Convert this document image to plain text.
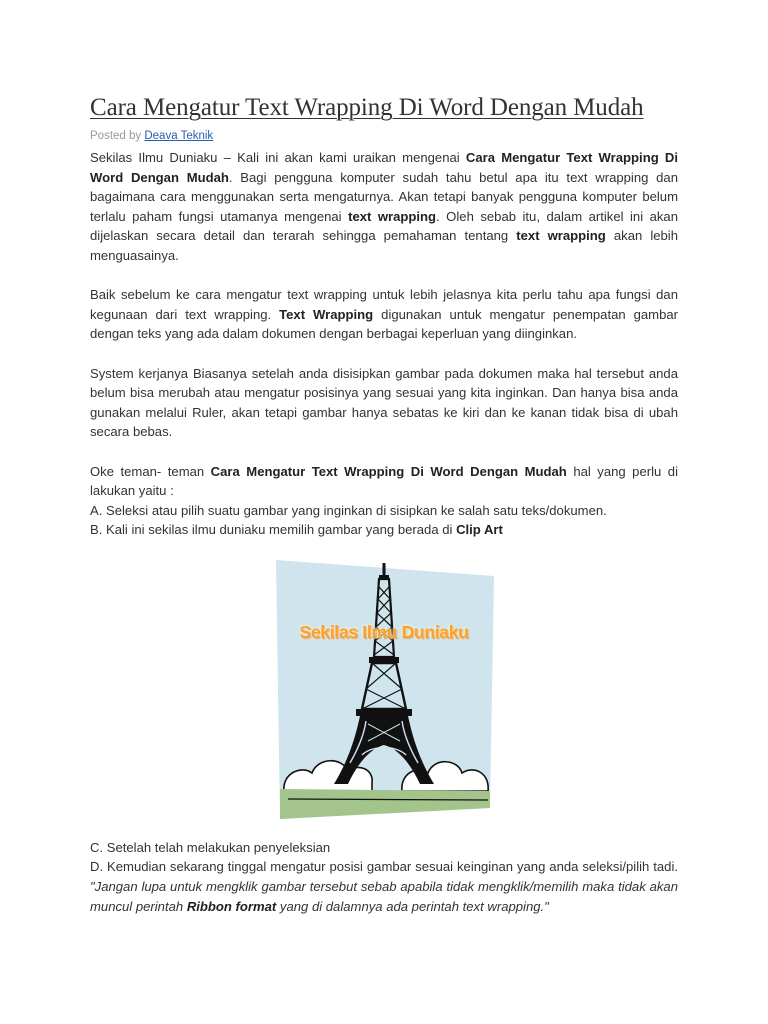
Cara Mengatur Text Wrapping Di Word Dengan Mudah
Posted by Deava Teknik

Sekilas Ilmu Duniaku – Kali ini akan kami uraikan mengenai Cara Mengatur Text Wrapping Di Word Dengan Mudah. Bagi pengguna komputer sudah tahu betul apa itu text wrapping dan bagaimana cara menggunakan serta mengaturnya. Akan tetapi banyak pengguna komputer belum terlalu paham fungsi utamanya mengenai text wrapping. Oleh sebab itu, dalam artikel ini akan dijelaskan secara detail dan terarah sehingga pemahaman tentang text wrapping akan lebih menguasainya.

Baik sebelum ke cara mengatur text wrapping untuk lebih jelasnya kita perlu tahu apa fungsi dan kegunaan dari text wrapping. Text Wrapping digunakan untuk mengatur penempatan gambar dengan teks yang ada dalam dokumen dengan berbagai keperluan yang diinginkan.

System kerjanya Biasanya setelah anda disisipkan gambar pada dokumen maka hal tersebut anda belum bisa merubah atau mengatur posisinya yang sesuai yang kita inginkan. Dan hanya bisa anda gunakan melalui Ruler, akan tetapi gambar hanya sebatas ke kiri dan ke kanan tidak bisa di ubah secara bebas.

Oke teman- teman Cara Mengatur Text Wrapping Di Word Dengan Mudah hal yang perlu di lakukan yaitu :

A. Seleksi atau pilih suatu gambar yang inginkan di sisipkan ke salah satu teks/dokumen.

B. Kali ini sekilas ilmu duniaku memilih gambar yang berada di Clip Art

Sekilas Ilmu Duniaku

C. Setelah telah melakukan penyeleksian

D. Kemudian sekarang tinggal mengatur posisi gambar sesuai keinginan yang anda seleksi/pilih tadi. "Jangan lupa untuk mengklik gambar tersebut sebab apabila tidak mengklik/memilih maka tidak akan muncul perintah Ribbon format yang di dalamnya ada perintah text wrapping."
